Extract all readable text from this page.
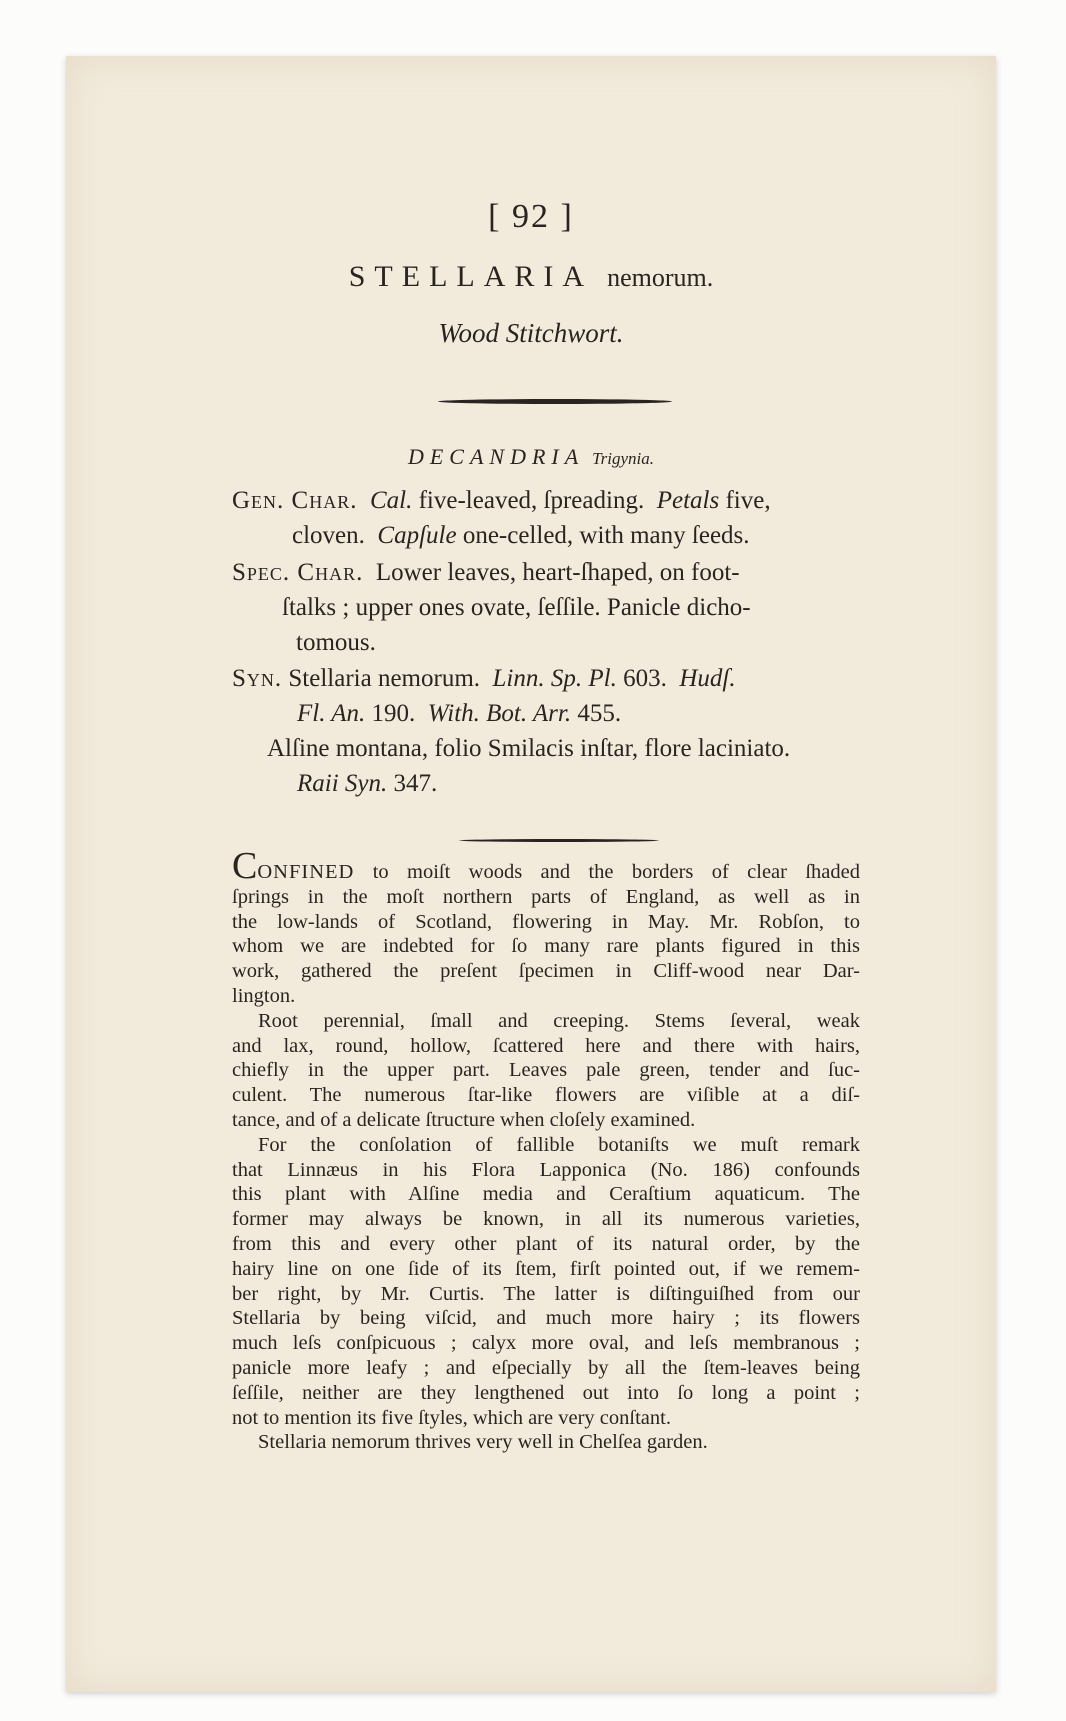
[ 92 ]
STELLARIA nemorum.
Wood Stitchwort.
DECANDRIA Trigynia.
Gen. Char. Cal. five-leaved, ſpreading. Petals five,
cloven. Capſule one-celled, with many ſeeds.
Spec. Char. Lower leaves, heart-ſhaped, on foot-
ſtalks ; upper ones ovate, ſeſſile. Panicle dicho-
tomous.
Syn. Stellaria nemorum. Linn. Sp. Pl. 603. Hudſ.
Fl. An. 190. With. Bot. Arr. 455.
Alſine montana, folio Smilacis inſtar, flore laciniato.
Raii Syn. 347.
CONFINED to moiſt woods and the borders of clear ſhaded
ſprings in the moſt northern parts of England, as well as in
the low-lands of Scotland, flowering in May. Mr. Robſon, to
whom we are indebted for ſo many rare plants figured in this
work, gathered the preſent ſpecimen in Cliff-wood near Dar-
lington.
Root perennial, ſmall and creeping. Stems ſeveral, weak
and lax, round, hollow, ſcattered here and there with hairs,
chiefly in the upper part. Leaves pale green, tender and ſuc-
culent. The numerous ſtar-like flowers are viſible at a diſ-
tance, and of a delicate ſtructure when cloſely examined.
For the conſolation of fallible botaniſts we muſt remark
that Linnæus in his Flora Lapponica (No. 186) confounds
this plant with Alſine media and Ceraſtium aquaticum. The
former may always be known, in all its numerous varieties,
from this and every other plant of its natural order, by the
hairy line on one ſide of its ſtem, firſt pointed out, if we remem-
ber right, by Mr. Curtis. The latter is diſtinguiſhed from our
Stellaria by being viſcid, and much more hairy ; its flowers
much leſs conſpicuous ; calyx more oval, and leſs membranous ;
panicle more leafy ; and eſpecially by all the ſtem-leaves being
ſeſſile, neither are they lengthened out into ſo long a point ;
not to mention its five ſtyles, which are very conſtant.
Stellaria nemorum thrives very well in Chelſea garden.
